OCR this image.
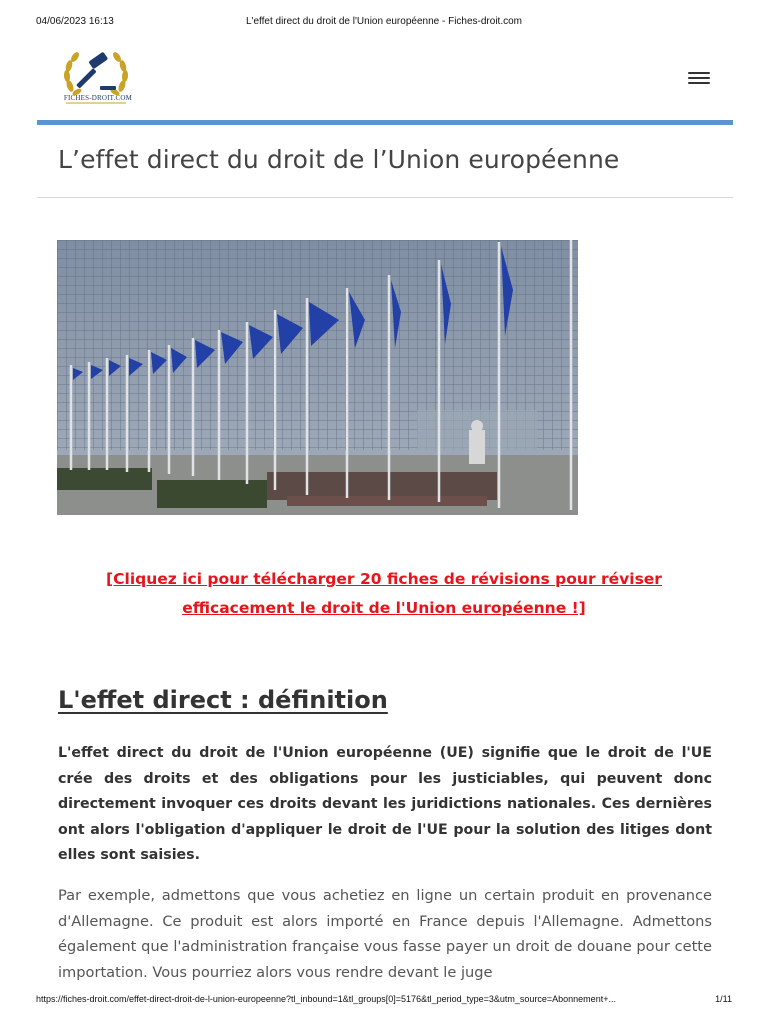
04/06/2023 16:13	L'effet direct du droit de l'Union européenne - Fiches-droit.com
FICHES-DROIT.COM
L’effet direct du droit de l’Union européenne
[Cliquez ici pour télécharger 20 fiches de révisions pour réviser
efficacement le droit de l'Union européenne !]
L'effet direct : définition

L'effet direct du droit de l'Union européenne (UE) signifie que le droit de l'UE crée des droits et des obligations pour les justiciables, qui peuvent donc directement invoquer ces droits devant les juridictions nationales. Ces dernières ont alors l'obligation d'appliquer le droit de l'UE pour la solution des litiges dont elles sont saisies.

Par exemple, admettons que vous achetiez en ligne un certain produit en provenance d'Allemagne. Ce produit est alors importé en France depuis l'Allemagne. Admettons également que l'administration française vous fasse payer un droit de douane pour cette importation. Vous pourriez alors vous rendre devant le juge

https://fiches-droit.com/effet-direct-droit-de-l-union-europeenne?tl_inbound=1&tl_groups[0]=5176&tl_period_type=3&utm_source=Abonnement+...	1/11
